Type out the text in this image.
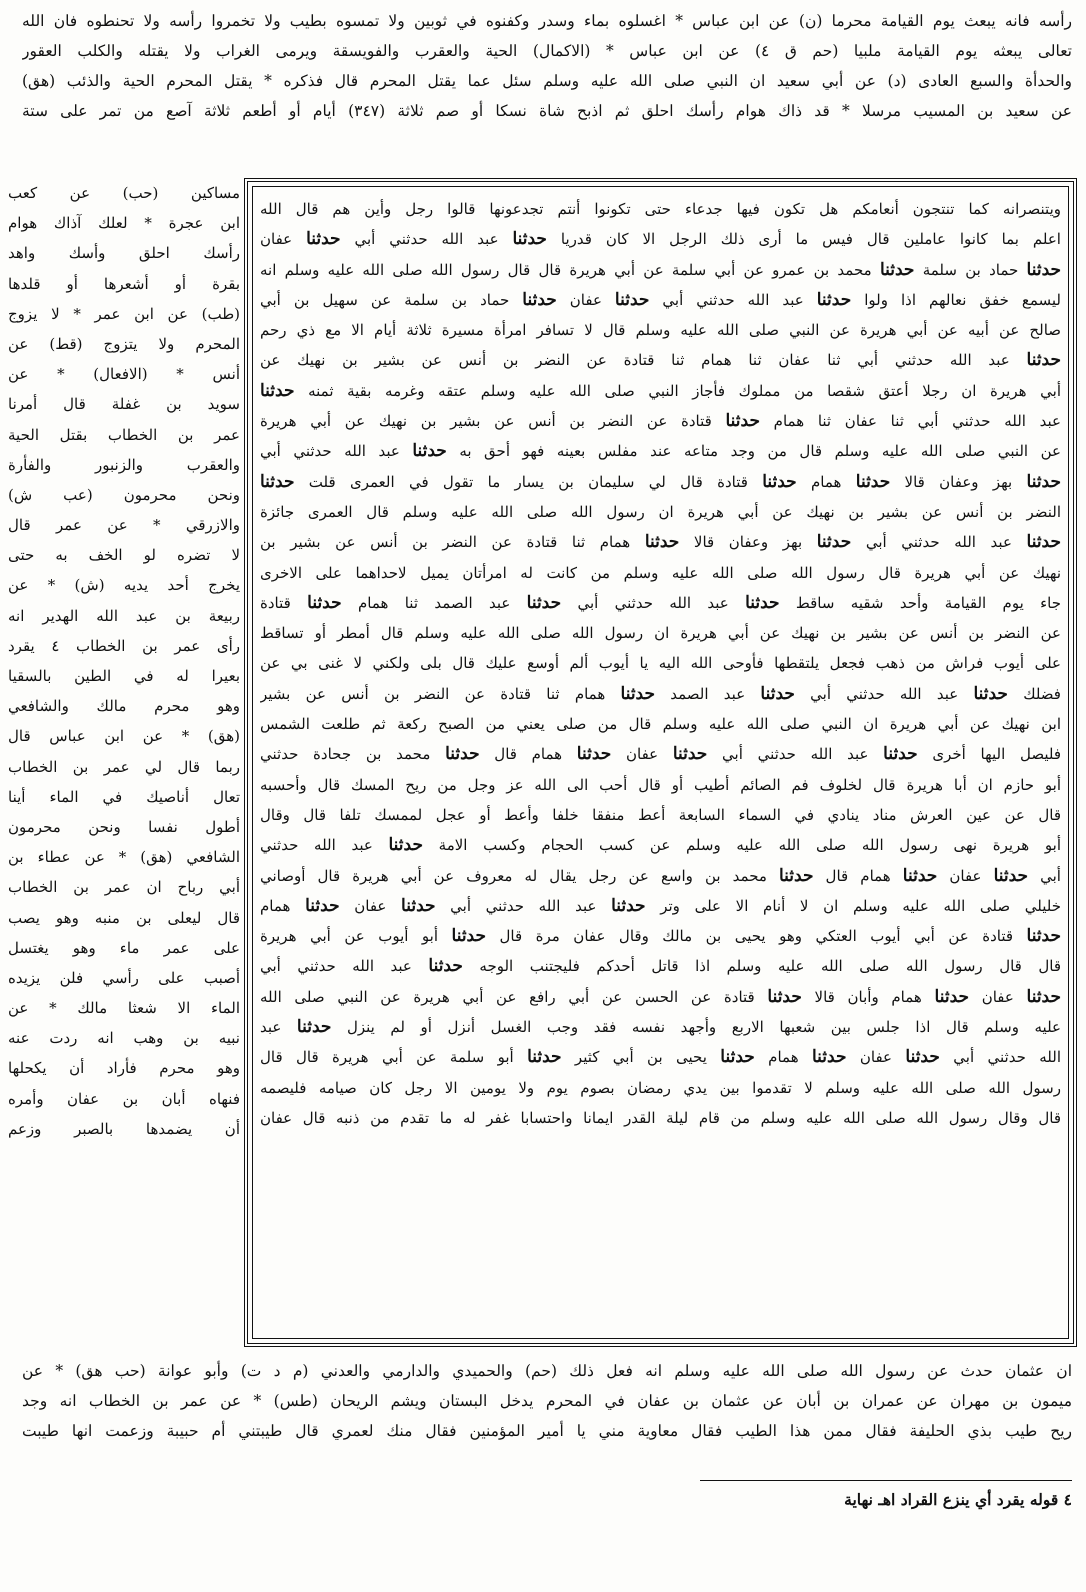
رأسه فانه يبعث يوم القيامة محرما (ن) عن ابن عباس * اغسلوه بماء وسدر وكفنوه في ثوبين ولا تمسوه بطيب ولا تخمروا رأسه ولا تحنطوه فان الله
تعالى يبعثه يوم القيامة ملبيا (حم ق ٤) عن ابن عباس * (الاكمال) الحية والعقرب والفويسقة ويرمى الغراب ولا يقتله والكلب العقور
والحدأة والسبع العادى (د) عن أبي سعيد ان النبي صلى الله عليه وسلم سئل عما يقتل المحرم قال فذكره * يقتل المحرم الحية والذئب (هق)
عن سعيد بن المسيب مرسلا * قد ذاك هوام رأسك احلق ثم اذبح شاة نسكا أو صم ثلاثة (٣٤٧) أيام أو أطعم ثلاثة آصع من تمر على ستة
مساكين (حب) عن كعب
ابن عجرة * لعلك آذاك هوام
رأسك احلق وأسك واهد
بقرة أو أشعرها أو قلدها
(طب) عن ابن عمر * لا يزوج
المحرم ولا يتزوج (قط) عن
أنس * (الافعال) * عن
سويد بن غفلة قال أمرنا
عمر بن الخطاب بقتل الحية
والعقرب والزنبور والفأرة
ونحن محرمون (عب ش)
والازرقي * عن عمر قال
لا تضره لو الخف به حتى
يخرج أحد يديه (ش) * عن
ربيعة بن عبد الله الهدير انه
رأى عمر بن الخطاب ٤ يقرد
بعيرا له في الطين بالسقيا
وهو محرم مالك والشافعي
(هق) * عن ابن عباس قال
ربما قال لي عمر بن الخطاب
تعال أناصيك في الماء أينا
أطول نفسا ونحن محرمون
الشافعي (هق) * عن عطاء بن
أبي رباح ان عمر بن الخطاب
قال ليعلى بن منبه وهو يصب
على عمر ماء وهو يغتسل
أصبب على رأسي فلن يزيده
الماء الا شعثا مالك * عن
نبيه بن وهب انه ردت عنه
وهو محرم فأراد أن يكحلها
فنهاه أبان بن عفان وأمره
أن يضمدها بالصبر وزعم
ويتنصرانه كما تنتجون أنعامكم هل تكون فيها جدعاء حتى تكونوا أنتم تجدعونها قالوا رجل وأين هم قال الله
اعلم بما كانوا عاملين قال فيس ما أرى ذلك الرجل الا كان قدريا حدثنا عبد الله حدثني أبي حدثنا عفان
حدثنا حماد بن سلمة حدثنا محمد بن عمرو عن أبي سلمة عن أبي هريرة قال قال رسول الله صلى الله عليه وسلم انه
ليسمع خفق نعالهم اذا ولوا حدثنا عبد الله حدثني أبي حدثنا عفان حدثنا حماد بن سلمة عن سهيل بن أبي
صالح عن أبيه عن أبي هريرة عن النبي صلى الله عليه وسلم قال لا تسافر امرأة مسيرة ثلاثة أيام الا مع ذي رحم
حدثنا عبد الله حدثني أبي ثنا عفان ثنا همام ثنا قتادة عن النضر بن أنس عن بشير بن نهيك عن
أبي هريرة ان رجلا أعتق شقصا من مملوك فأجاز النبي صلى الله عليه وسلم عتقه وغرمه بقية ثمنه حدثنا
عبد الله حدثني أبي ثنا عفان ثنا همام حدثنا قتادة عن النضر بن أنس عن بشير بن نهيك عن أبي هريرة
عن النبي صلى الله عليه وسلم قال من وجد متاعه عند مفلس بعينه فهو أحق به حدثنا عبد الله حدثني أبي
حدثنا بهز وعفان قالا حدثنا همام حدثنا قتادة قال لي سليمان بن يسار ما تقول في العمرى قلت حدثنا
النضر بن أنس عن بشير بن نهيك عن أبي هريرة ان رسول الله صلى الله عليه وسلم قال العمرى جائزة
حدثنا عبد الله حدثني أبي حدثنا بهز وعفان قالا حدثنا همام ثنا قتادة عن النضر بن أنس عن بشير بن
نهيك عن أبي هريرة قال رسول الله صلى الله عليه وسلم من كانت له امرأتان يميل لاحداهما على الاخرى
جاء يوم القيامة وأحد شقيه ساقط حدثنا عبد الله حدثني أبي حدثنا عبد الصمد ثنا همام حدثنا قتادة
عن النضر بن أنس عن بشير بن نهيك عن أبي هريرة ان رسول الله صلى الله عليه وسلم قال أمطر أو تساقط
على أيوب فراش من ذهب فجعل يلتقطها فأوحى الله اليه يا أيوب ألم أوسع عليك قال بلى ولكني لا غنى بي عن
فضلك حدثنا عبد الله حدثني أبي حدثنا عبد الصمد حدثنا همام ثنا قتادة عن النضر بن أنس عن بشير
ابن نهيك عن أبي هريرة ان النبي صلى الله عليه وسلم قال من صلى يعني من الصبح ركعة ثم طلعت الشمس
فليصل اليها أخرى حدثنا عبد الله حدثني أبي حدثنا عفان حدثنا همام قال حدثنا محمد بن جحادة حدثني
أبو حازم ان أبا هريرة قال لخلوف فم الصائم أطيب أو قال أحب الى الله عز وجل من ريح المسك قال وأحسبه
قال عن عين العرش مناد ينادي في السماء السابعة أعط منفقا خلفا وأعط أو عجل لممسك تلفا قال وقال
أبو هريرة نهى رسول الله صلى الله عليه وسلم عن كسب الحجام وكسب الامة حدثنا عبد الله حدثني
أبي حدثنا عفان حدثنا همام قال حدثنا محمد بن واسع عن رجل يقال له معروف عن أبي هريرة قال أوصاني
خليلي صلى الله عليه وسلم ان لا أنام الا على وتر حدثنا عبد الله حدثني أبي حدثنا عفان حدثنا همام
حدثنا قتادة عن أبي أيوب العتكي وهو يحيى بن مالك وقال عفان مرة قال حدثنا أبو أيوب عن أبي هريرة
قال قال رسول الله صلى الله عليه وسلم اذا قاتل أحدكم فليجتنب الوجه حدثنا عبد الله حدثني أبي
حدثنا عفان حدثنا همام وأبان قالا حدثنا قتادة عن الحسن عن أبي رافع عن أبي هريرة عن النبي صلى الله
عليه وسلم قال اذا جلس بين شعبها الاربع وأجهد نفسه فقد وجب الغسل أنزل أو لم ينزل حدثنا عبد
الله حدثني أبي حدثنا عفان حدثنا همام حدثنا يحيى بن أبي كثير حدثنا أبو سلمة عن أبي هريرة قال قال
رسول الله صلى الله عليه وسلم لا تقدموا بين يدي رمضان بصوم يوم ولا يومين الا رجل كان صيامه فليصمه
قال وقال رسول الله صلى الله عليه وسلم من قام ليلة القدر ايمانا واحتسابا غفر له ما تقدم من ذنبه قال عفان
ان عثمان حدث عن رسول الله صلى الله عليه وسلم انه فعل ذلك (حم) والحميدي والدارمي والعدني (م د ت) وأبو عوانة (حب هق) * عن
ميمون بن مهران عن عمران بن أبان عن عثمان بن عفان في المحرم يدخل البستان ويشم الريحان (طس) * عن عمر بن الخطاب انه وجد
ريح طيب بذي الحليفة فقال ممن هذا الطيب فقال معاوية مني يا أمير المؤمنين فقال منك لعمري قال طيبتني أم حبيبة وزعمت انها طيبت
٤ قوله يقرد أي ينزع القراد اهـ نهاية
